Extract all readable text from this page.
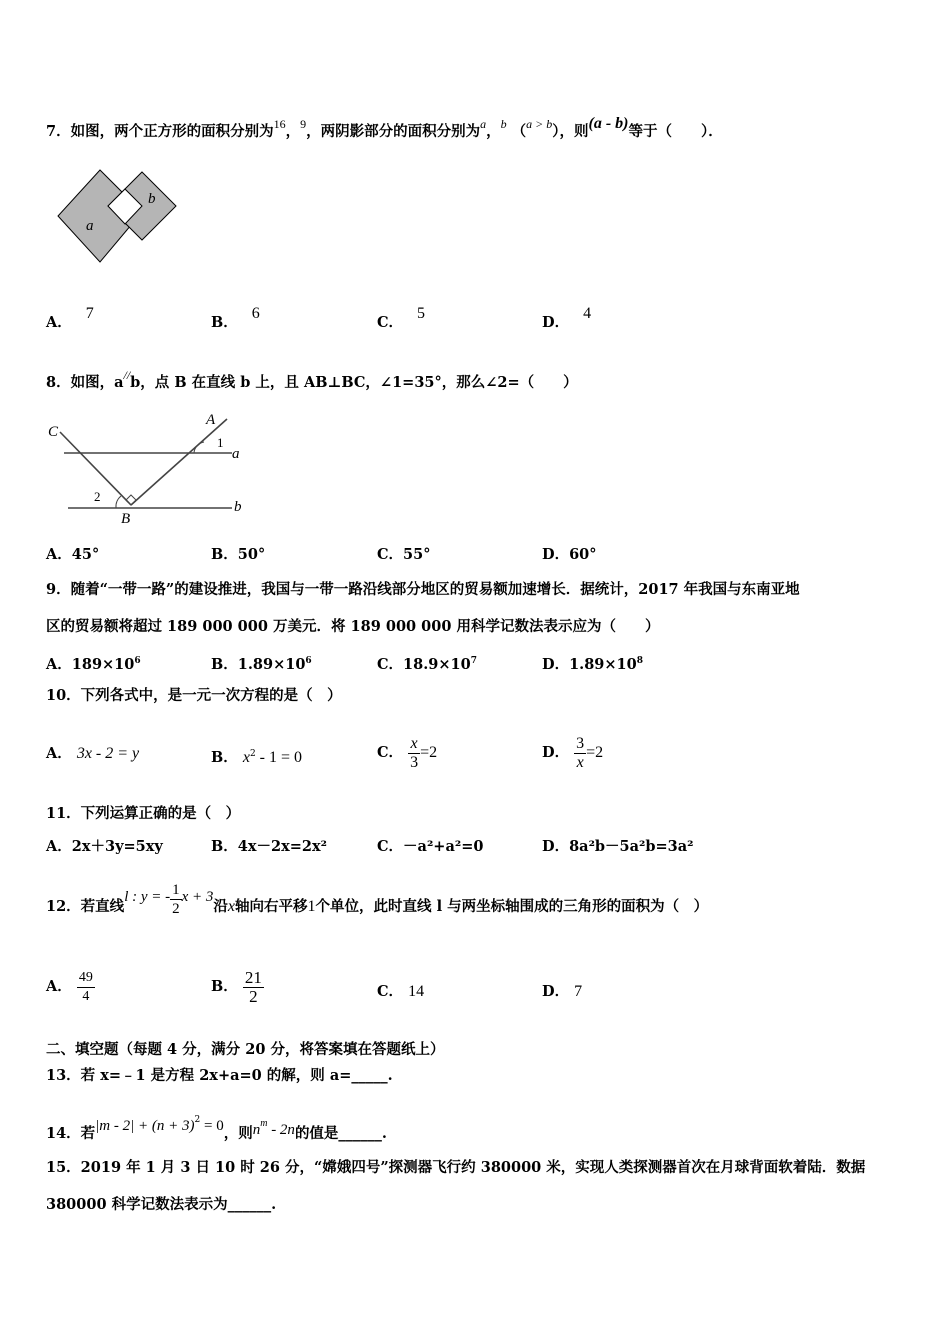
7．如图，两个正方形的面积分别为$^{16}$，$^9$，两阴影部分的面积分别为$^a$，$^b$ （$^{a > b}$），则(a - b)等于（　　）．
a
b
A．7
B．6
C．5
D．4
8．如图，a//b，点 B 在直线 b 上，且 AB⊥BC，∠1=35°，那么∠2=（　　）
C
A
1
a
2
B
b
A．45°	B．50°	C．55°	D．60°
9．随着“一带一路”的建设推进，我国与一带一路沿线部分地区的贸易额加速增长．据统计，2017 年我国与东南亚地
区的贸易额将超过 189 000 000 万美元．将 189 000 000 用科学记数法表示应为（　　）
A．$189\times 10^6$	B．$1.89\times 10^6$	C．$18.9\times 10^7$	D．$1.89\times 10^8$
10．下列各式中，是一元一次方程的是（　）
A． 3x - 2 = y	B． $x^2 - 1 = 0$	C． $\frac{x}{3} =2$	D． $\frac{3}{x} =2$
11．下列运算正确的是（　）
A．2x＋3y=5xy	B．4x－2x=2x²	C．－a²+a²=0	D．8a²b－5a²b=3a²
12．若直线l : y = - $\frac{1}{2}$ x + 3沿x轴向右平移1个单位，此时直线 l 与两坐标轴围成的三角形的面积为（　）
A． $\frac{49}{4}$	B． $\frac{21}{2}$	C． 14	D． 7
二、填空题（每题 4 分，满分 20 分，将答案填在答题纸上）
13．若 x=﹣1 是方程 2x+a=0 的解，则 a=_____.
14．若$|m - 2| + (n + 3)^2 = 0$，则$n^m - 2n$的值是______.
15．2019 年 1 月 3 日 10 时 26 分，“嫦娥四号”探测器飞行约 380000 米，实现人类探测器首次在月球背面软着陆．数据
380000 科学记数法表示为______.
